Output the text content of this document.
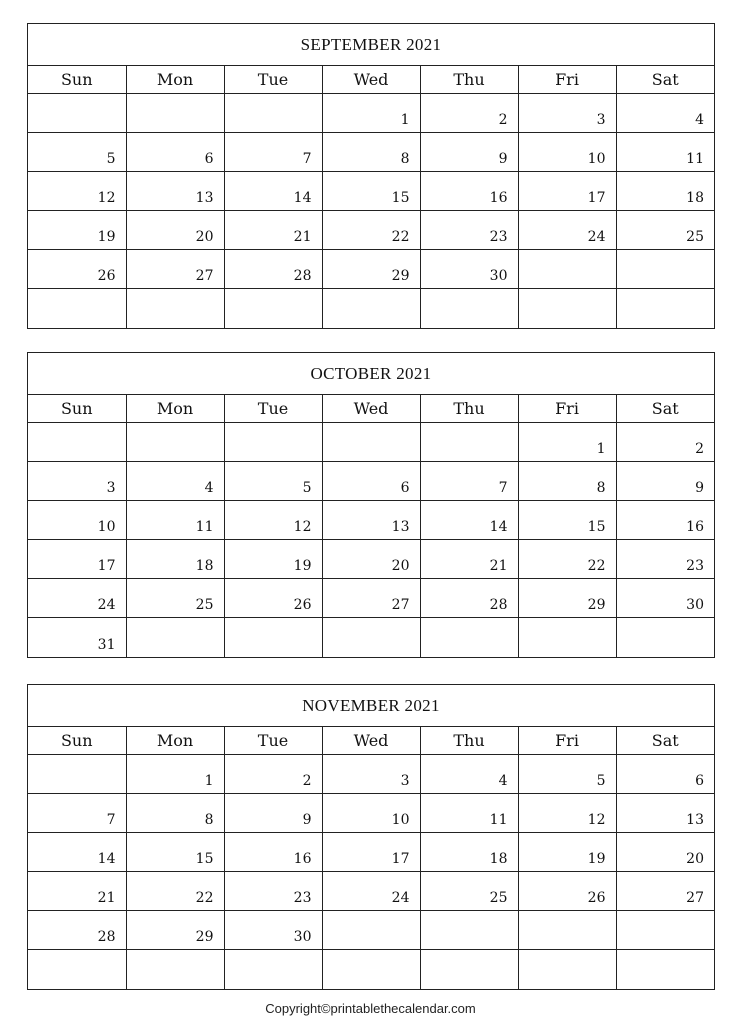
SEPTEMBER 2021
Sun	Mon	Tue	Wed	Thu	Fri	Sat
			1	2	3	4
5	6	7	8	9	10	11
12	13	14	15	16	17	18
19	20	21	22	23	24	25
26	27	28	29	30		

OCTOBER 2021
Sun	Mon	Tue	Wed	Thu	Fri	Sat
					1	2
3	4	5	6	7	8	9
10	11	12	13	14	15	16
17	18	19	20	21	22	23
24	25	26	27	28	29	30
31						
NOVEMBER 2021
Sun	Mon	Tue	Wed	Thu	Fri	Sat
	1	2	3	4	5	6
7	8	9	10	11	12	13
14	15	16	17	18	19	20
21	22	23	24	25	26	27
28	29	30				

Copyright©printablethecalendar.com
